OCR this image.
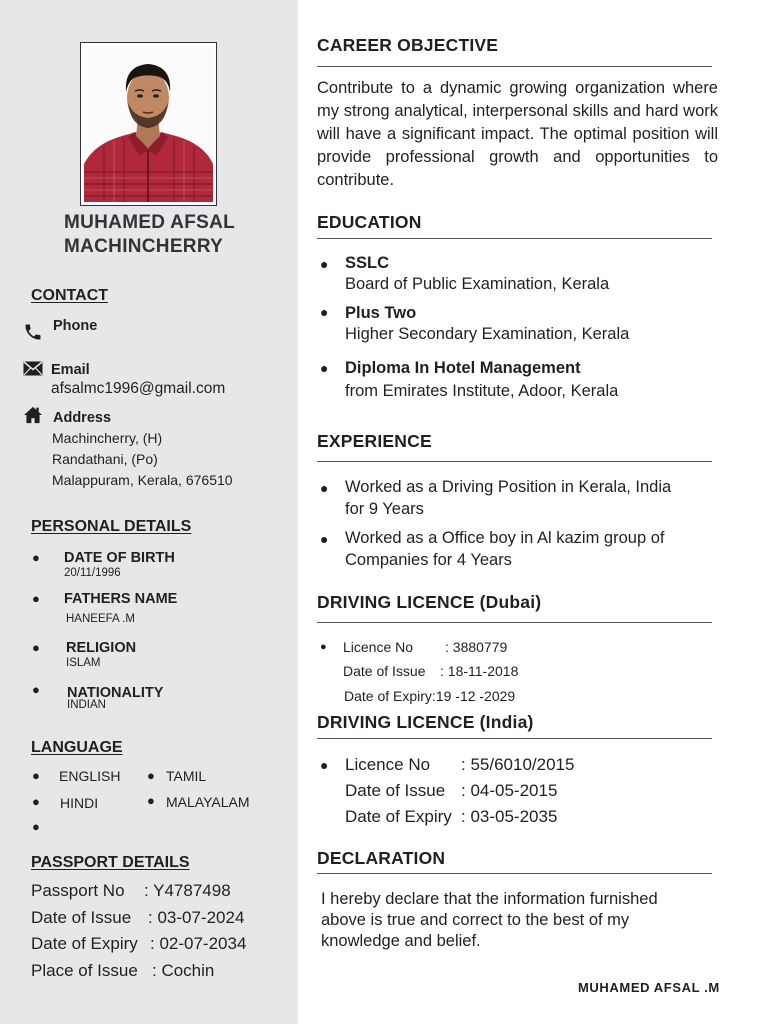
MUHAMED AFSAL
MACHINCHERRY
CONTACT
Phone
Email
afsalmc1996@gmail.com
Address
Machincherry, (H)
Randathani, (Po)
Malappuram, Kerala, 676510
PERSONAL DETAILS
● DATE OF BIRTH
20/11/1996
● FATHERS NAME
HANEEFA .M
● RELIGION
ISLAM
● NATIONALITY
INDIAN
LANGUAGE
● ENGLISH ● TAMIL
● HINDI	● MALAYALAM
●
PASSPORT DETAILS
Passport No : Y4787498
Date of Issue : 03-07-2024
Date of Expiry : 02-07-2034
Place of Issue : Cochin
CAREER OBJECTIVE
Contribute to a dynamic growing organization where my strong analytical, interpersonal skills and hard work will have a significant impact. The optimal position will provide professional growth and opportunities to contribute.
EDUCATION
● SSLC
Board of Public Examination, Kerala
● Plus Two
Higher Secondary Examination, Kerala
● Diploma In Hotel Management
from Emirates Institute, Adoor, Kerala
EXPERIENCE
● Worked as a Driving Position in Kerala, India
for 9 Years
● Worked as a Office boy in Al kazim group of
Companies for 4 Years
DRIVING LICENCE (Dubai)
● Licence No : 3880779
Date of Issue : 18-11-2018
Date of Expiry:19 -12 -2029
DRIVING LICENCE (India)
● Licence No : 55/6010/2015
Date of Issue : 04-05-2015
Date of Expiry : 03-05-2035
DECLARATION
I hereby declare that the information furnished
above is true and correct to the best of my
knowledge and belief.
MUHAMED AFSAL .M
